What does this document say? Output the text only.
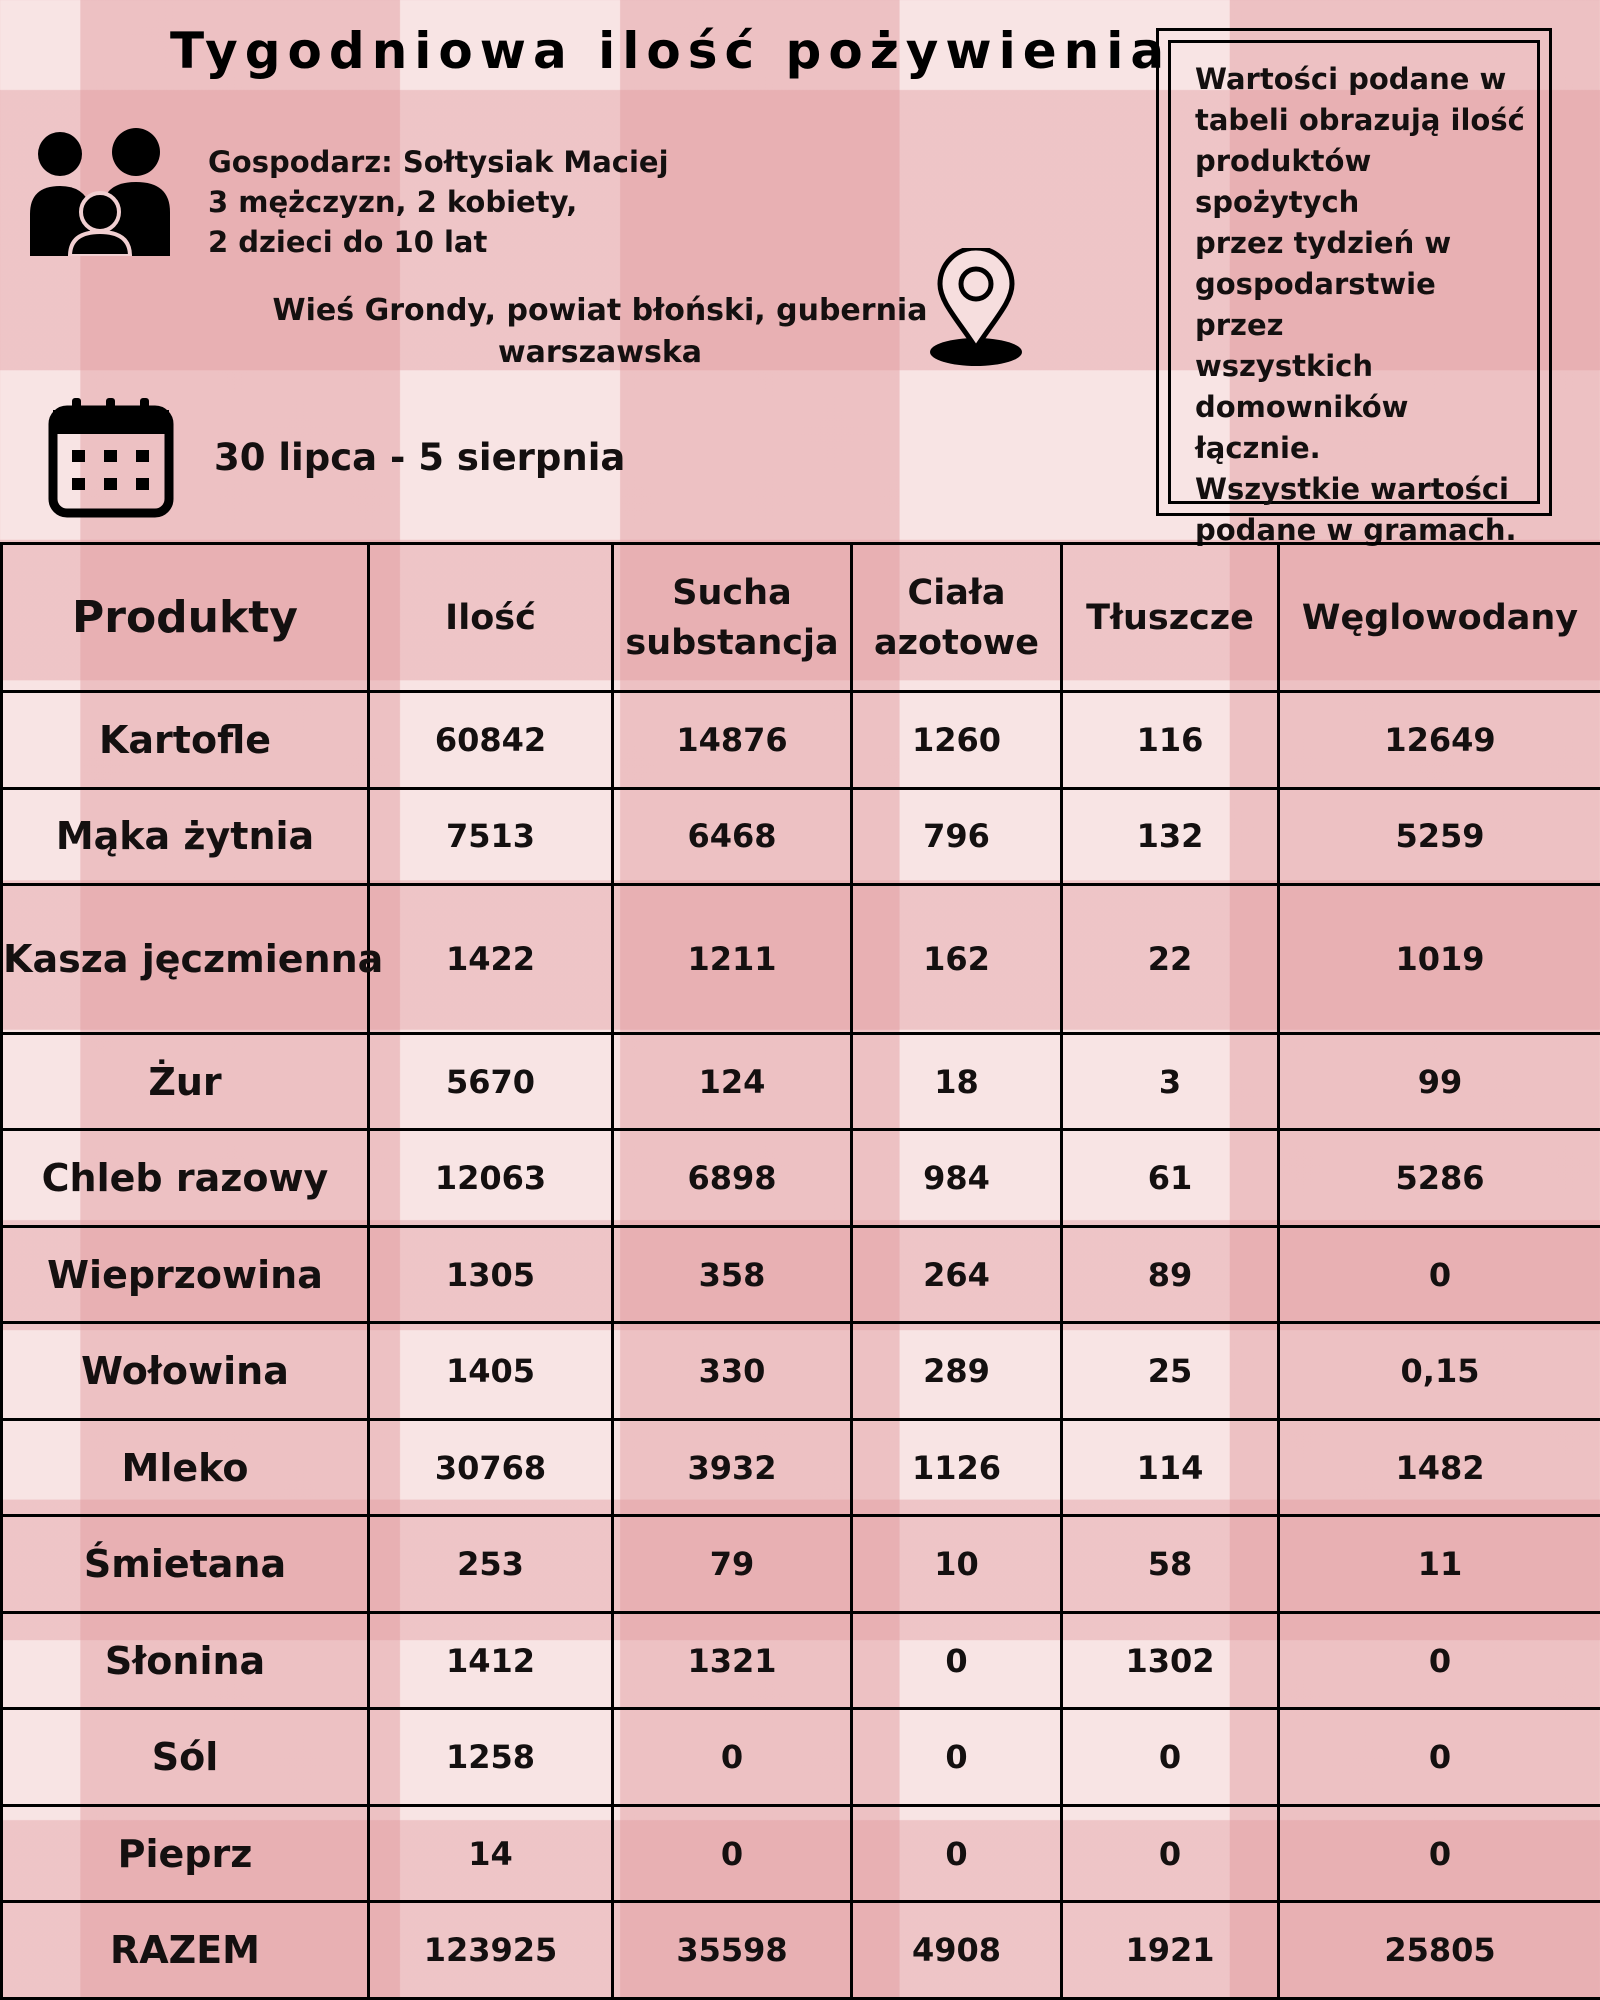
Tygodniowa ilość pożywienia
Gospodarz: Sołtysiak Maciej
3 mężczyzn, 2 kobiety,
2 dzieci do 10 lat
Wieś Grondy, powiat błoński, gubernia warszawska
30 lipca - 5 sierpnia

Wartości podane w
tabeli obrazują ilość
produktów spożytych
przez tydzień w
gospodarstwie przez
wszystkich
domowników
łącznie.
Wszystkie wartości
podane w gramach.

Produkty	Ilość	Sucha substancja	Ciała azotowe	Tłuszcze	Węglowodany
Kartofle	60842	14876	1260	116	12649
Mąka żytnia	7513	6468	796	132	5259
Kasza jęczmienna	1422	1211	162	22	1019
Żur	5670	124	18	3	99
Chleb razowy	12063	6898	984	61	5286
Wieprzowina	1305	358	264	89	0
Wołowina	1405	330	289	25	0,15
Mleko	30768	3932	1126	114	1482
Śmietana	253	79	10	58	11
Słonina	1412	1321	0	1302	0
Sól	1258	0	0	0	0
Pieprz	14	0	0	0	0
RAZEM	123925	35598	4908	1921	25805
